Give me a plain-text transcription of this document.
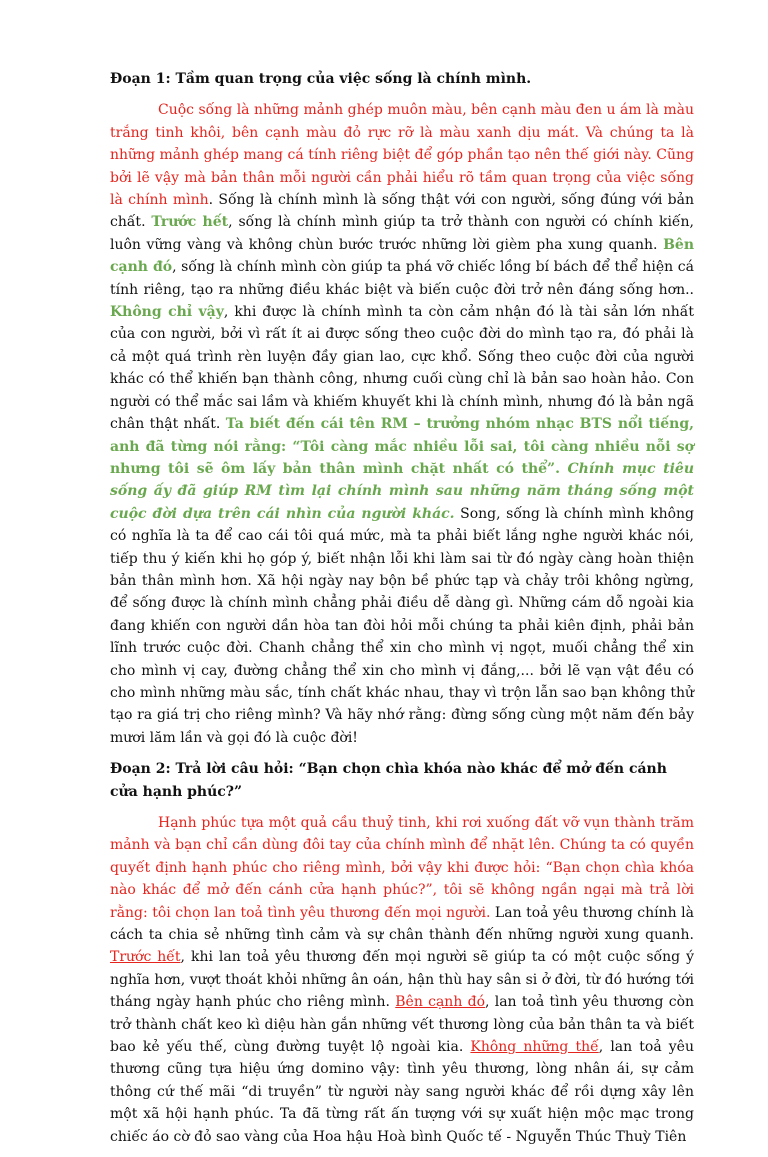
Đoạn 1: Tầm quan trọng của việc sống là chính mình.

Cuộc sống là những mảnh ghép muôn màu, bên cạnh màu đen u ám là màu trắng tinh khôi, bên cạnh màu đỏ rực rỡ là màu xanh dịu mát. Và chúng ta là những mảnh ghép mang cá tính riêng biệt để góp phần tạo nên thế giới này. Cũng bởi lẽ vậy mà bản thân mỗi người cần phải hiểu rõ tầm quan trọng của việc sống là chính mình. Sống là chính mình là sống thật với con người, sống đúng với bản chất. Trước hết, sống là chính mình giúp ta trở thành con người có chính kiến, luôn vững vàng và không chùn bước trước những lời gièm pha xung quanh. Bên cạnh đó, sống là chính mình còn giúp ta phá vỡ chiếc lồng bí bách để thể hiện cá tính riêng, tạo ra những điều khác biệt và biến cuộc đời trở nên đáng sống hơn.. Không chỉ vậy, khi được là chính mình ta còn cảm nhận đó là tài sản lớn nhất của con người, bởi vì rất ít ai được sống theo cuộc đời do mình tạo ra, đó phải là cả một quá trình rèn luyện đầy gian lao, cực khổ. Sống theo cuộc đời của người khác có thể khiến bạn thành công, nhưng cuối cùng chỉ là bản sao hoàn hảo. Con người có thể mắc sai lầm và khiếm khuyết khi là chính mình, nhưng đó là bản ngã chân thật nhất. Ta biết đến cái tên RM – trưởng nhóm nhạc BTS nổi tiếng, anh đã từng nói rằng: “Tôi càng mắc nhiều lỗi sai, tôi càng nhiều nỗi sợ nhưng tôi sẽ ôm lấy bản thân mình chặt nhất có thể”. Chính mục tiêu sống ấy đã giúp RM tìm lại chính mình sau những năm tháng sống một cuộc đời dựa trên cái nhìn của người khác. Song, sống là chính mình không có nghĩa là ta để cao cái tôi quá mức, mà ta phải biết lắng nghe người khác nói, tiếp thu ý kiến khi họ góp ý, biết nhận lỗi khi làm sai từ đó ngày càng hoàn thiện bản thân mình hơn. Xã hội ngày nay bộn bề phức tạp và chảy trôi không ngừng, để sống được là chính mình chẳng phải điều dễ dàng gì. Những cám dỗ ngoài kia đang khiến con người dần hòa tan đòi hỏi mỗi chúng ta phải kiên định, phải bản lĩnh trước cuộc đời. Chanh chẳng thể xin cho mình vị ngọt, muối chẳng thể xin cho mình vị cay, đường chẳng thể xin cho mình vị đắng,... bởi lẽ vạn vật đều có cho mình những màu sắc, tính chất khác nhau, thay vì trộn lẫn sao bạn không thử tạo ra giá trị cho riêng mình? Và hãy nhớ rằng: đừng sống cùng một năm đến bảy mươi lăm lần và gọi đó là cuộc đời!

Đoạn 2: Trả lời câu hỏi: “Bạn chọn chìa khóa nào khác để mở đến cánh cửa hạnh phúc?”

Hạnh phúc tựa một quả cầu thuỷ tinh, khi rơi xuống đất vỡ vụn thành trăm mảnh và bạn chỉ cần dùng đôi tay của chính mình để nhặt lên. Chúng ta có quyền quyết định hạnh phúc cho riêng mình, bởi vậy khi được hỏi: “Bạn chọn chìa khóa nào khác để mở đến cánh cửa hạnh phúc?”, tôi sẽ không ngần ngại mà trả lời rằng: tôi chọn lan toả tình yêu thương đến mọi người. Lan toả yêu thương chính là cách ta chia sẻ những tình cảm và sự chân thành đến những người xung quanh. Trước hết, khi lan toả yêu thương đến mọi người sẽ giúp ta có một cuộc sống ý nghĩa hơn, vượt thoát khỏi những ân oán, hận thù hay sân si ở đời, từ đó hướng tới tháng ngày hạnh phúc cho riêng mình. Bên cạnh đó, lan toả tình yêu thương còn trở thành chất keo kì diệu hàn gắn những vết thương lòng của bản thân ta và biết bao kẻ yếu thế, cùng đường tuyệt lộ ngoài kia. Không những thế, lan toả yêu thương cũng tựa hiệu ứng domino vậy: tình yêu thương, lòng nhân ái, sự cảm thông cứ thế mãi “di truyền” từ người này sang người khác để rồi dựng xây lên một xã hội hạnh phúc. Ta đã từng rất ấn tượng với sự xuất hiện mộc mạc trong chiếc áo cờ đỏ sao vàng của Hoa hậu Hoà bình Quốc tế - Nguyễn Thúc Thuỳ Tiên
